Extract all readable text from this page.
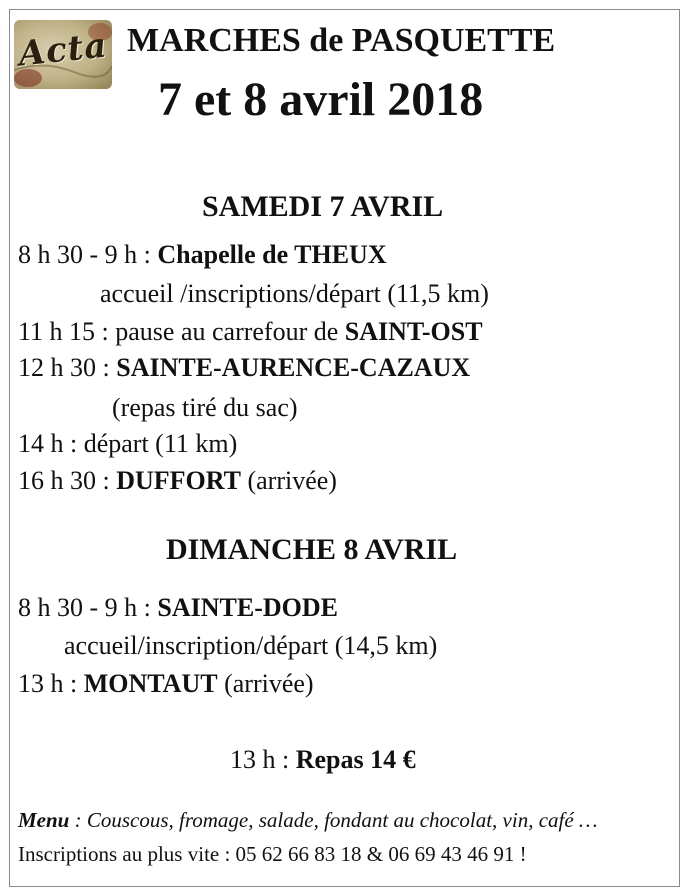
Acta MARCHES de PASQUETTE
7 et 8 avril 2018
SAMEDI 7 AVRIL
8 h 30 - 9 h : Chapelle de THEUX
accueil /inscriptions/départ (11,5 km)
11 h 15 : pause au carrefour de SAINT-OST
12 h 30 : SAINTE-AURENCE-CAZAUX
(repas tiré du sac)
14 h : départ (11 km)
16 h 30 : DUFFORT (arrivée)
DIMANCHE 8 AVRIL
8 h 30 - 9 h : SAINTE-DODE
accueil/inscription/départ (14,5 km)
13 h : MONTAUT (arrivée)
13 h : Repas 14 €
Menu : Couscous, fromage, salade, fondant au chocolat, vin, café …
Inscriptions au plus vite : 05 62 66 83 18 & 06 69 43 46 91 !
